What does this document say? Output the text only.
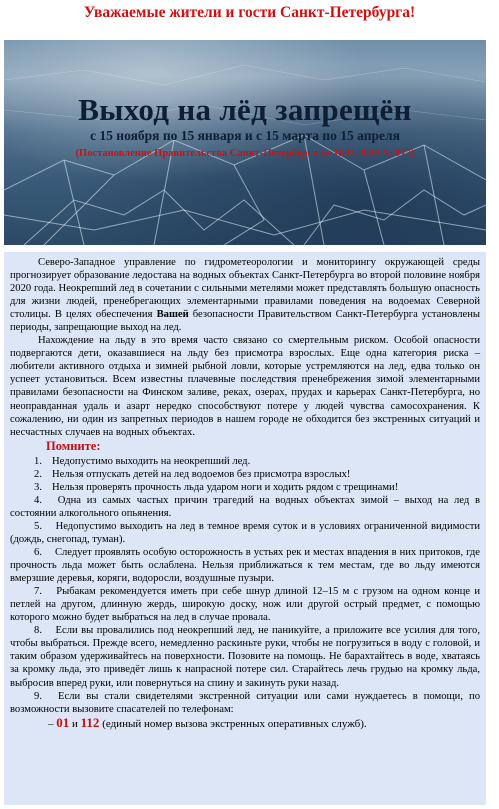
Уважаемые жители и гости Санкт-Петербурга!
Выход на лёд запрещён
с 15 ноября по 15 января и с 15 марта по 15 апреля
(Постановление Правительства Санкт-Петербурга от 11.11.2020 № 917)

Северо-Западное управление по гидрометеорологии и мониторингу окружающей среды прогнозирует образование ледостава на водных объектах Санкт-Петербурга во второй половине ноября 2020 года. Неокрепший лед в сочетании с сильными метелями может представлять большую опасность для жизни людей, пренебрегающих элементарными правилами поведения на водоемах Северной столицы. В целях обеспечения Вашей безопасности Правительством Санкт-Петербурга установлены периоды, запрещающие выход на лед.

Нахождение на льду в это время часто связано со смертельным риском. Особой опасности подвергаются дети, оказавшиеся на льду без присмотра взрослых. Еще одна категория риска – любители активного отдыха и зимней рыбной ловли, которые устремляются на лед, едва только он успеет установиться. Всем известны плачевные последствия пренебрежения зимой элементарными правилами безопасности на Финском заливе, реках, озерах, прудах и карьерах Санкт-Петербурга, но неоправданная удаль и азарт нередко способствуют потере у людей чувства самосохранения. К сожалению, ни один из запретных периодов в нашем городе не обходится без экстренных ситуаций и несчастных случаев на водных объектах.

Помните:

1. Недопустимо выходить на неокрепший лед.

2. Нельзя отпускать детей на лед водоемов без присмотра взрослых!

3. Нельзя проверять прочность льда ударом ноги и ходить рядом с трещинами!

4. Одна из самых частых причин трагедий на водных объектах зимой – выход на лед в состоянии алкогольного опьянения.

5. Недопустимо выходить на лед в темное время суток и в условиях ограниченной видимости (дождь, снегопад, туман).

6. Следует проявлять особую осторожность в устьях рек и местах впадения в них притоков, где прочность льда может быть ослаблена. Нельзя приближаться к тем местам, где во льду имеются вмерзшие деревья, коряги, водоросли, воздушные пузыри.

7. Рыбакам рекомендуется иметь при себе шнур длиной 12–15 м с грузом на одном конце и петлей на другом, длинную жердь, широкую доску, нож или другой острый предмет, с помощью которого можно будет выбраться на лед в случае провала.

8. Если вы провалились под неокрепший лед, не паникуйте, а приложите все усилия для того, чтобы выбраться. Прежде всего, немедленно раскиньте руки, чтобы не погрузиться в воду с головой, и таким образом удерживайтесь на поверхности. Позовите на помощь. Не барахтайтесь в воде, хватаясь за кромку льда, это приведёт лишь к напрасной потере сил. Старайтесь лечь грудью на кромку льда, выбросив вперед руки, или повернуться на спину и закинуть руки назад.

9. Если вы стали свидетелями экстренной ситуации или сами нуждаетесь в помощи, по возможности вызовите спасателей по телефонам:

– 01 и 112 (единый номер вызова экстренных оперативных служб).
